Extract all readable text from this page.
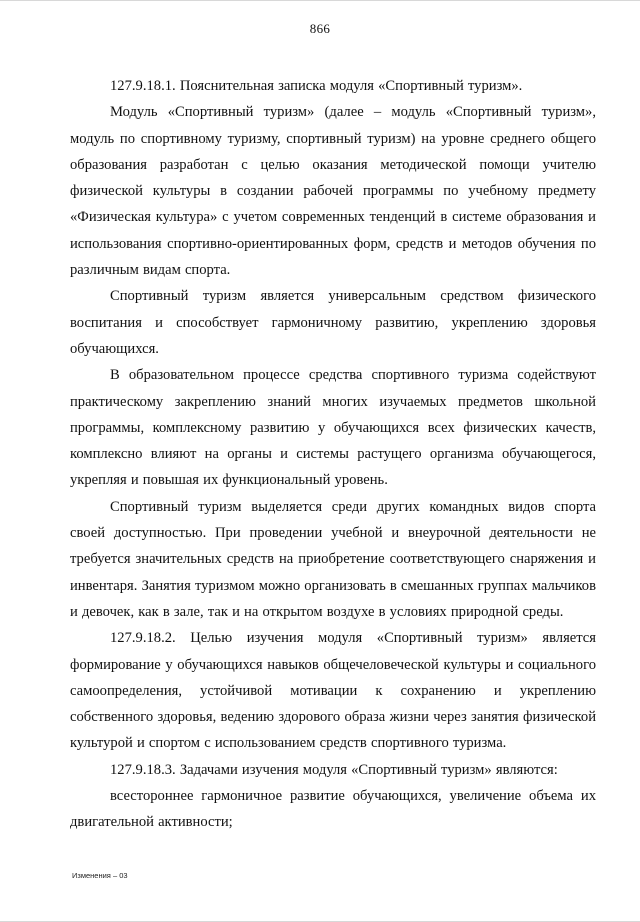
866

127.9.18.1. Пояснительная записка модуля «Спортивный туризм».

Модуль «Спортивный туризм» (далее – модуль «Спортивный туризм», модуль по спортивному туризму, спортивный туризм) на уровне среднего общего образования разработан с целью оказания методической помощи учителю физической культуры в создании рабочей программы по учебному предмету «Физическая культура» с учетом современных тенденций в системе образования и использования спортивно-ориентированных форм, средств и методов обучения по различным видам спорта.

Спортивный туризм является универсальным средством физического воспитания и способствует гармоничному развитию, укреплению здоровья обучающихся.

В образовательном процессе средства спортивного туризма содействуют практическому закреплению знаний многих изучаемых предметов школьной программы, комплексному развитию у обучающихся всех физических качеств, комплексно влияют на органы и системы растущего организма обучающегося, укрепляя и повышая их функциональный уровень.

Спортивный туризм выделяется среди других командных видов спорта своей доступностью. При проведении учебной и внеурочной деятельности не требуется значительных средств на приобретение соответствующего снаряжения и инвентаря. Занятия туризмом можно организовать в смешанных группах мальчиков и девочек, как в зале, так и на открытом воздухе в условиях природной среды.

127.9.18.2. Целью изучения модуля «Спортивный туризм» является формирование у обучающихся навыков общечеловеческой культуры и социального самоопределения, устойчивой мотивации к сохранению и укреплению собственного здоровья, ведению здорового образа жизни через занятия физической культурой и спортом с использованием средств спортивного туризма.

127.9.18.3. Задачами изучения модуля «Спортивный туризм» являются:

всестороннее гармоничное развитие обучающихся, увеличение объема их двигательной активности;

Изменения – 03
